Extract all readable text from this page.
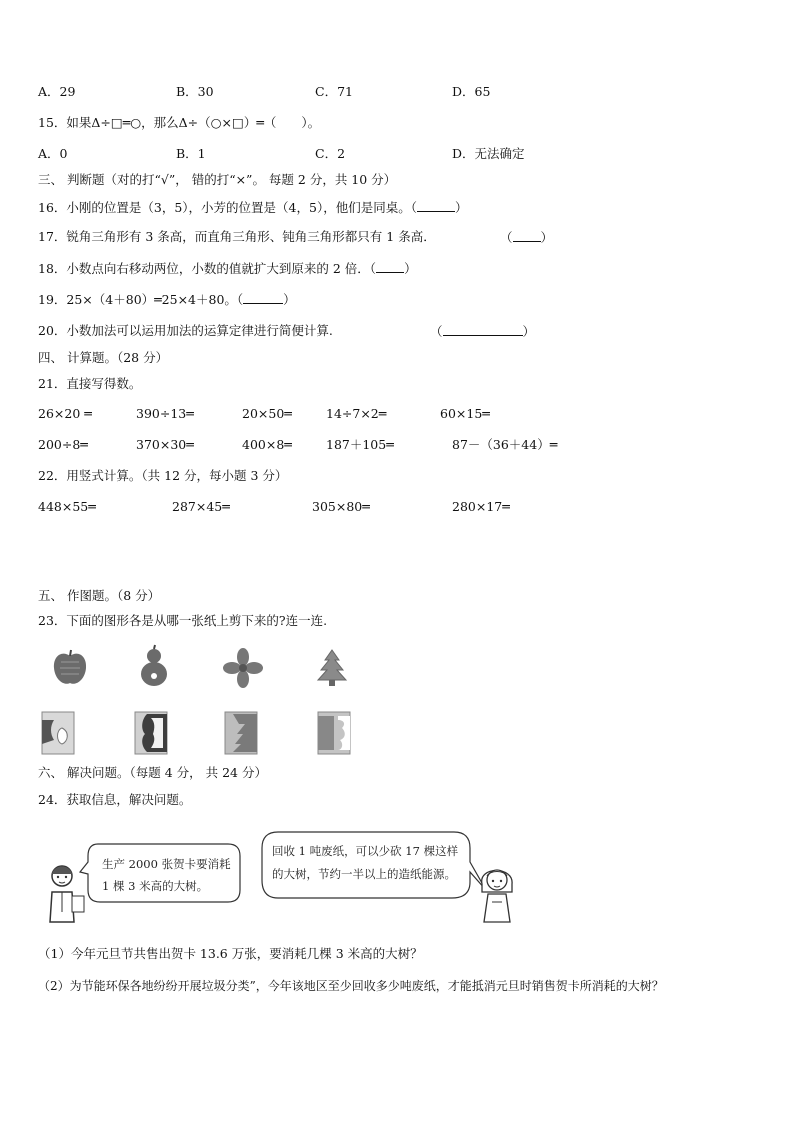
A．29	B．30	C．71	D．65
15．如果Δ÷□═○，那么Δ÷（○×□）═（　　）。
A．0	B．1	C．2	D．无法确定
三、 判断题（对的打“√”， 错的打“×”。 每题 2 分，共 10 分）
16．小刚的位置是（3，5），小芳的位置是（4，5），他们是同桌。（	）
17．锐角三角形有 3 条高，而直角三角形、钝角三角形都只有 1 条高．	（ ）
18．小数点向右移动两位，小数的值就扩大到原来的 2 倍．（ ）
19．25×（4＋80）═25×4＋80。（	）
20．小数加法可以运用加法的运算定律进行简便计算.	（	）
四、 计算题。（28 分）
21．直接写得数。
26×20 ═	390÷13═	20×50═	14÷7×2═	60×15═
200÷8═	370×30═	400×8═	187＋105═	87－（36＋44）═
22．用竖式计算。（共 12 分，每小题 3 分）
448×55═	287×45═	305×80═	280×17═
五、 作图题。（8 分）
23．下面的图形各是从哪一张纸上剪下来的?连一连.
六、 解决问题。（每题 4 分， 共 24 分）
24．获取信息，解决问题。
生产 2000 张贺卡要消耗
1 棵 3 米高的大树。
回收 1 吨废纸，可以少砍 17 棵这样
的大树，节约一半以上的造纸能源。
（1）今年元旦节共售出贺卡 13.6 万张，要消耗几棵 3 米高的大树？
（2）为节能环保各地纷纷开展垃圾分类”，今年该地区至少回收多少吨废纸，才能抵消元旦时销售贺卡所消耗的大树？
